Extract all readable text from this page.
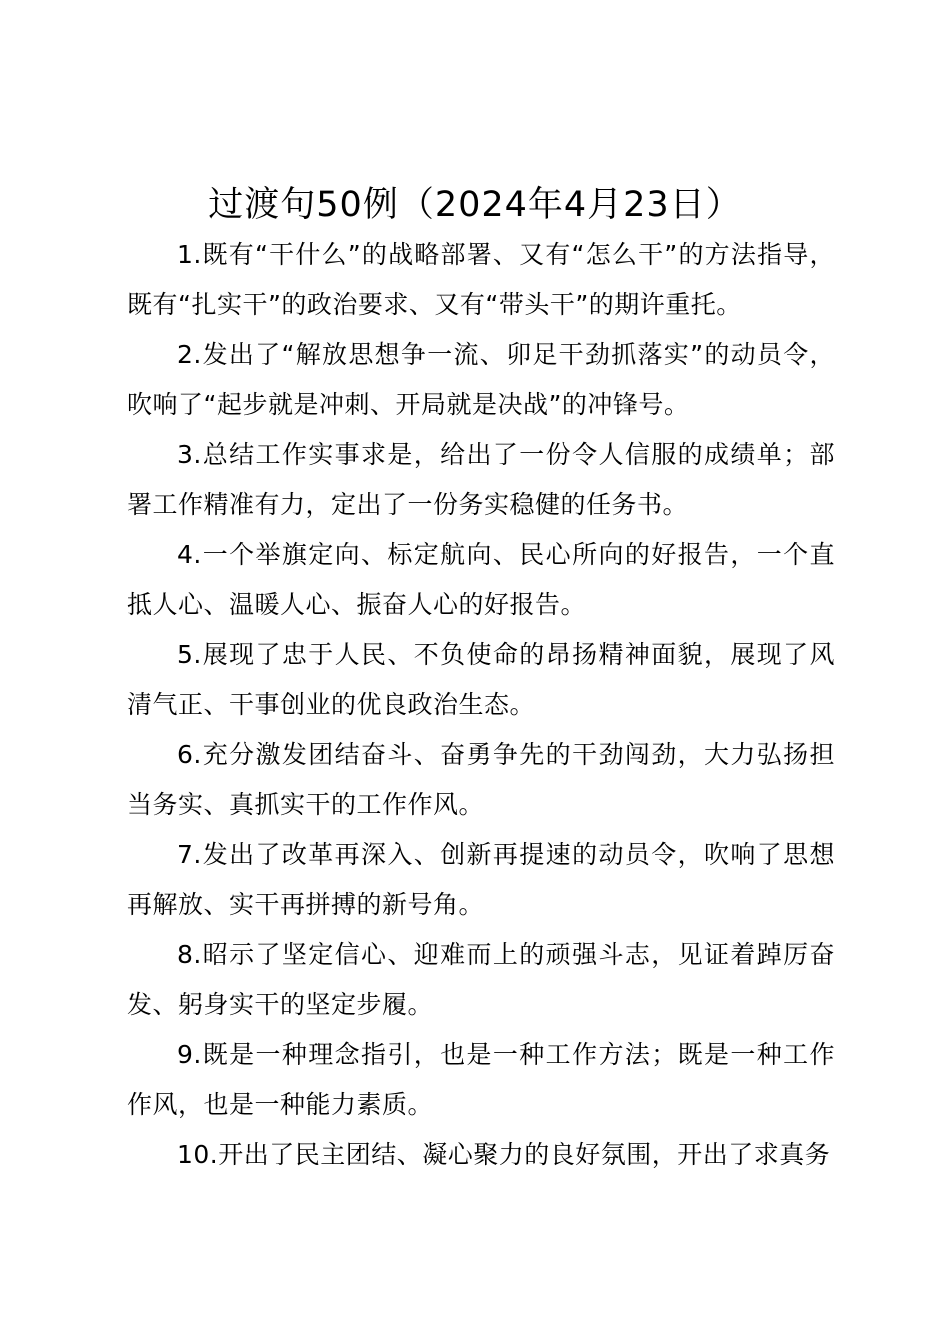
过渡句50例（2024年4月23日）

1.既有“干什么”的战略部署、又有“怎么干”的方法指导，既有“扎实干”的政治要求、又有“带头干”的期许重托。

2.发出了“解放思想争一流、卯足干劲抓落实”的动员令，吹响了“起步就是冲刺、开局就是决战”的冲锋号。

3.总结工作实事求是，给出了一份令人信服的成绩单；部署工作精准有力，定出了一份务实稳健的任务书。

4.一个举旗定向、标定航向、民心所向的好报告，一个直抵人心、温暖人心、振奋人心的好报告。

5.展现了忠于人民、不负使命的昂扬精神面貌，展现了风清气正、干事创业的优良政治生态。

6.充分激发团结奋斗、奋勇争先的干劲闯劲，大力弘扬担当务实、真抓实干的工作作风。

7.发出了改革再深入、创新再提速的动员令，吹响了思想再解放、实干再拼搏的新号角。

8.昭示了坚定信心、迎难而上的顽强斗志，见证着踔厉奋发、躬身实干的坚定步履。

9.既是一种理念指引，也是一种工作方法；既是一种工作作风，也是一种能力素质。

10.开出了民主团结、凝心聚力的良好氛围，开出了求真务
